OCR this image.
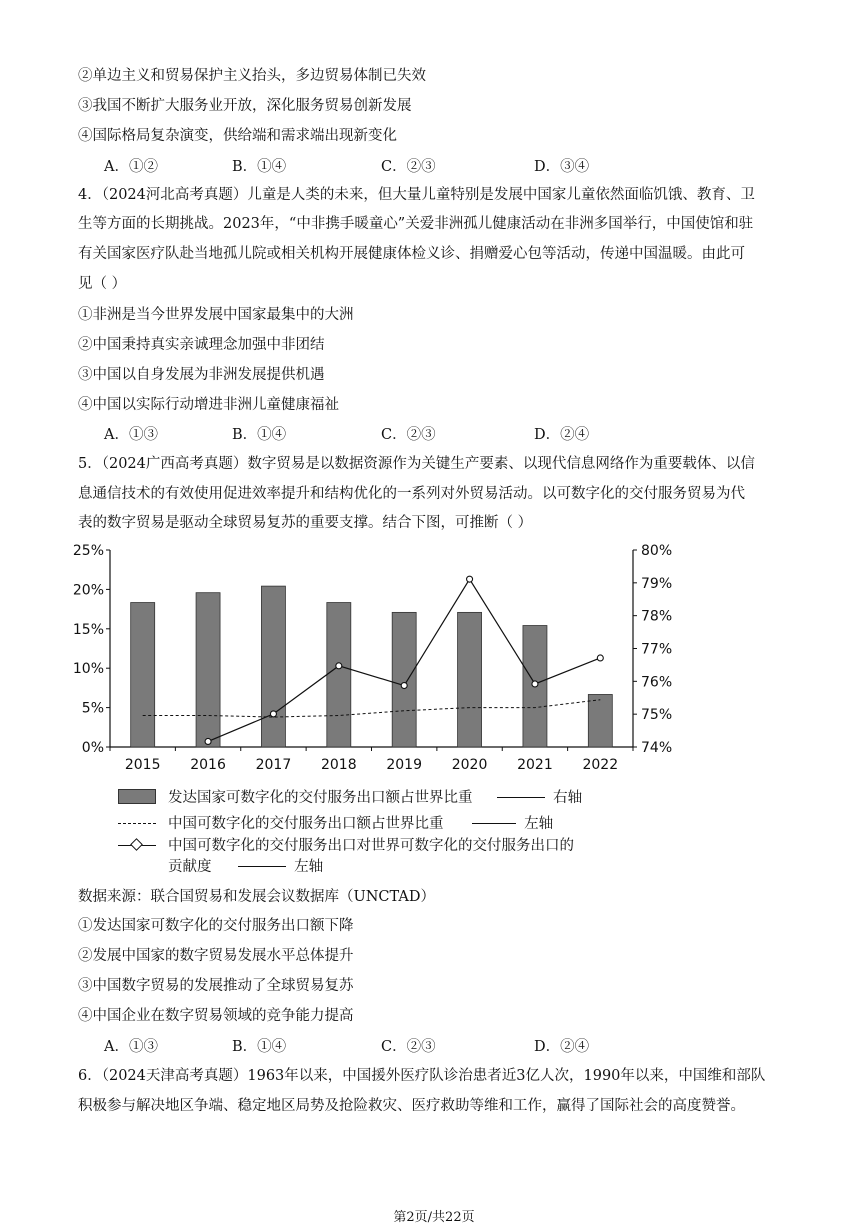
②单边主义和贸易保护主义抬头，多边贸易体制已失效
③我国不断扩大服务业开放，深化服务贸易创新发展
④国际格局复杂演变，供给端和需求端出现新变化
A．①②	B．①④	C．②③	D．③④
4．（2024河北高考真题）儿童是人类的未来，但大量儿童特别是发展中国家儿童依然面临饥饿、教育、卫
生等方面的长期挑战。2023年，“中非携手暖童心”关爱非洲孤儿健康活动在非洲多国举行，中国使馆和驻
有关国家医疗队赴当地孤儿院或相关机构开展健康体检义诊、捐赠爱心包等活动，传递中国温暖。由此可
见（ ）
①非洲是当今世界发展中国家最集中的大洲
②中国秉持真实亲诚理念加强中非团结
③中国以自身发展为非洲发展提供机遇
④中国以实际行动增进非洲儿童健康福祉
A．①③	B．①④	C．②③	D．②④
5．（2024广西高考真题）数字贸易是以数据资源作为关键生产要素、以现代信息网络作为重要载体、以信
息通信技术的有效使用促进效率提升和结构优化的一系列对外贸易活动。以可数字化的交付服务贸易为代
表的数字贸易是驱动全球贸易复苏的重要支撑。结合下图，可推断（ ）
0%
5%
10%
15%
20%
25%
74%
75%
76%
77%
78%
79%
80%
2015 2016 2017 2018 2019 2020 2021 2022
发达国家可数字化的交付服务出口额占世界比重	右轴
中国可数字化的交付服务出口额占世界比重	左轴
中国可数字化的交付服务出口对世界可数字化的交付服务出口的
贡献度	左轴
数据来源：联合国贸易和发展会议数据库（UNCTAD）
①发达国家可数字化的交付服务出口额下降
②发展中国家的数字贸易发展水平总体提升
③中国数字贸易的发展推动了全球贸易复苏
④中国企业在数字贸易领域的竞争能力提高
A．①③	B．①④	C．②③	D．②④
6．（2024天津高考真题）1963年以来，中国援外医疗队诊治患者近3亿人次，1990年以来，中国维和部队
积极参与解决地区争端、稳定地区局势及抢险救灾、医疗救助等维和工作，赢得了国际社会的高度赞誉。
第2页/共22页
